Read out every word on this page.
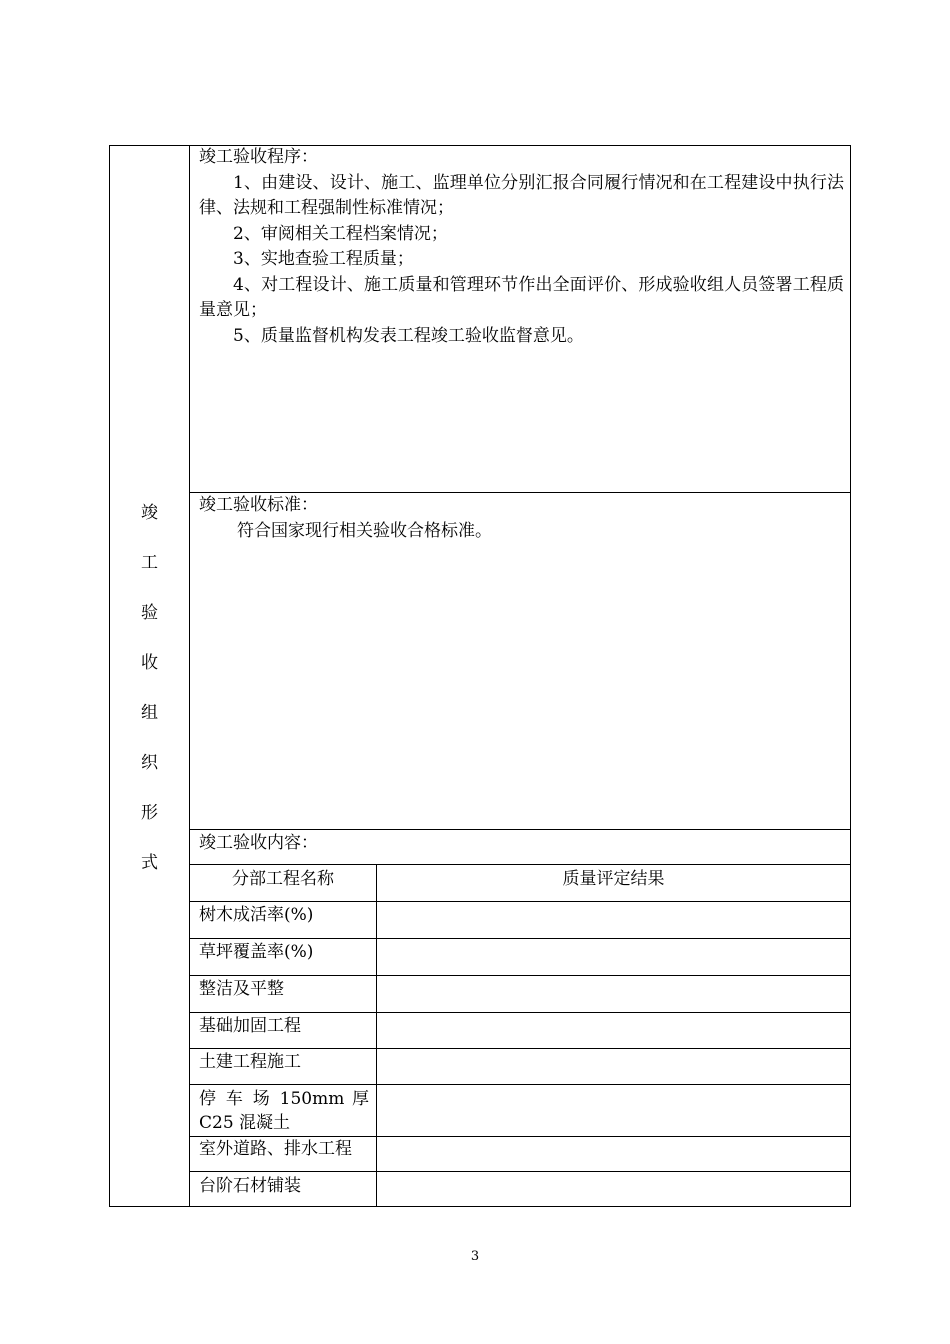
竣
工
验
收
组
织
形
式
竣工验收程序：
1、由建设、设计、施工、监理单位分别汇报合同履行情况和在工程建设中执行法律、法规和工程强制性标准情况；
2、审阅相关工程档案情况；
3、实地查验工程质量；
4、对工程设计、施工质量和管理环节作出全面评价、形成验收组人员签署工程质量意见；
5、质量监督机构发表工程竣工验收监督意见。
竣工验收标准：
符合国家现行相关验收合格标准。
竣工验收内容：
分部工程名称	质量评定结果
树木成活率(%)
草坪覆盖率(%)
整洁及平整
基础加固工程
土建工程施工
停 车 场 150mm 厚
C25 混凝土
室外道路、排水工程
台阶石材铺装
3
